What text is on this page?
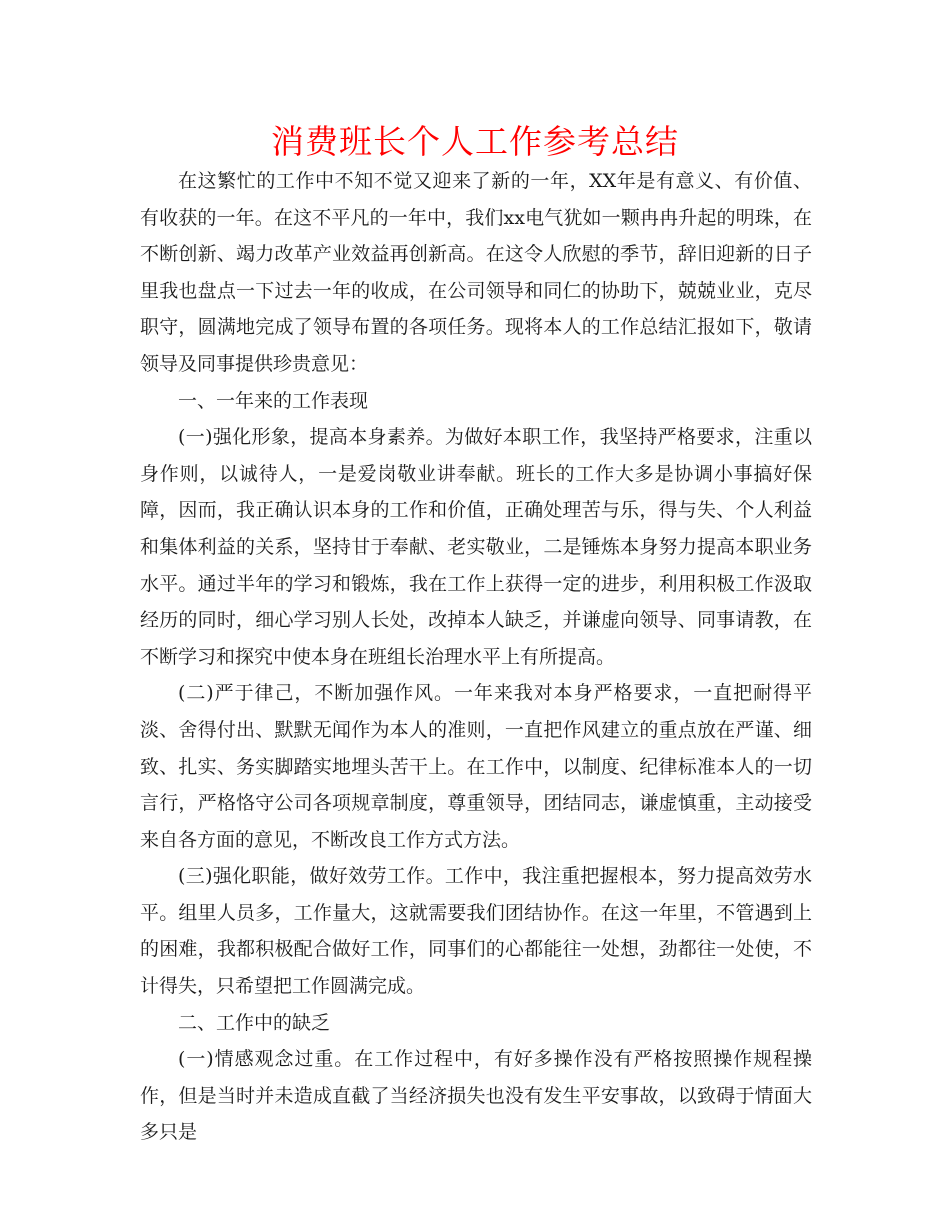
消费班长个人工作参考总结

在这繁忙的工作中不知不觉又迎来了新的一年，XX年是有意义、有价值、有收获的一年。在这不平凡的一年中，我们xx电气犹如一颗冉冉升起的明珠，在不断创新、竭力改革产业效益再创新高。在这令人欣慰的季节，辞旧迎新的日子里我也盘点一下过去一年的收成，在公司领导和同仁的协助下，兢兢业业，克尽职守，圆满地完成了领导布置的各项任务。现将本人的工作总结汇报如下，敬请领导及同事提供珍贵意见：

一、一年来的工作表现

(一)强化形象，提高本身素养。为做好本职工作，我坚持严格要求，注重以身作则，以诚待人，一是爱岗敬业讲奉献。班长的工作大多是协调小事搞好保障，因而，我正确认识本身的工作和价值，正确处理苦与乐，得与失、个人利益和集体利益的关系，坚持甘于奉献、老实敬业，二是锤炼本身努力提高本职业务水平。通过半年的学习和锻炼，我在工作上获得一定的进步，利用积极工作汲取经历的同时，细心学习别人长处，改掉本人缺乏，并谦虚向领导、同事请教，在不断学习和探究中使本身在班组长治理水平上有所提高。

(二)严于律己，不断加强作风。一年来我对本身严格要求，一直把耐得平淡、舍得付出、默默无闻作为本人的准则，一直把作风建立的重点放在严谨、细致、扎实、务实脚踏实地埋头苦干上。在工作中，以制度、纪律标准本人的一切言行，严格恪守公司各项规章制度，尊重领导，团结同志，谦虚慎重，主动接受来自各方面的意见，不断改良工作方式方法。

(三)强化职能，做好效劳工作。工作中，我注重把握根本，努力提高效劳水平。组里人员多，工作量大，这就需要我们团结协作。在这一年里，不管遇到上的困难，我都积极配合做好工作，同事们的心都能往一处想，劲都往一处使，不计得失，只希望把工作圆满完成。

二、工作中的缺乏

(一)情感观念过重。在工作过程中，有好多操作没有严格按照操作规程操作，但是当时并未造成直截了当经济损失也没有发生平安事故，以致碍于情面大多只是
